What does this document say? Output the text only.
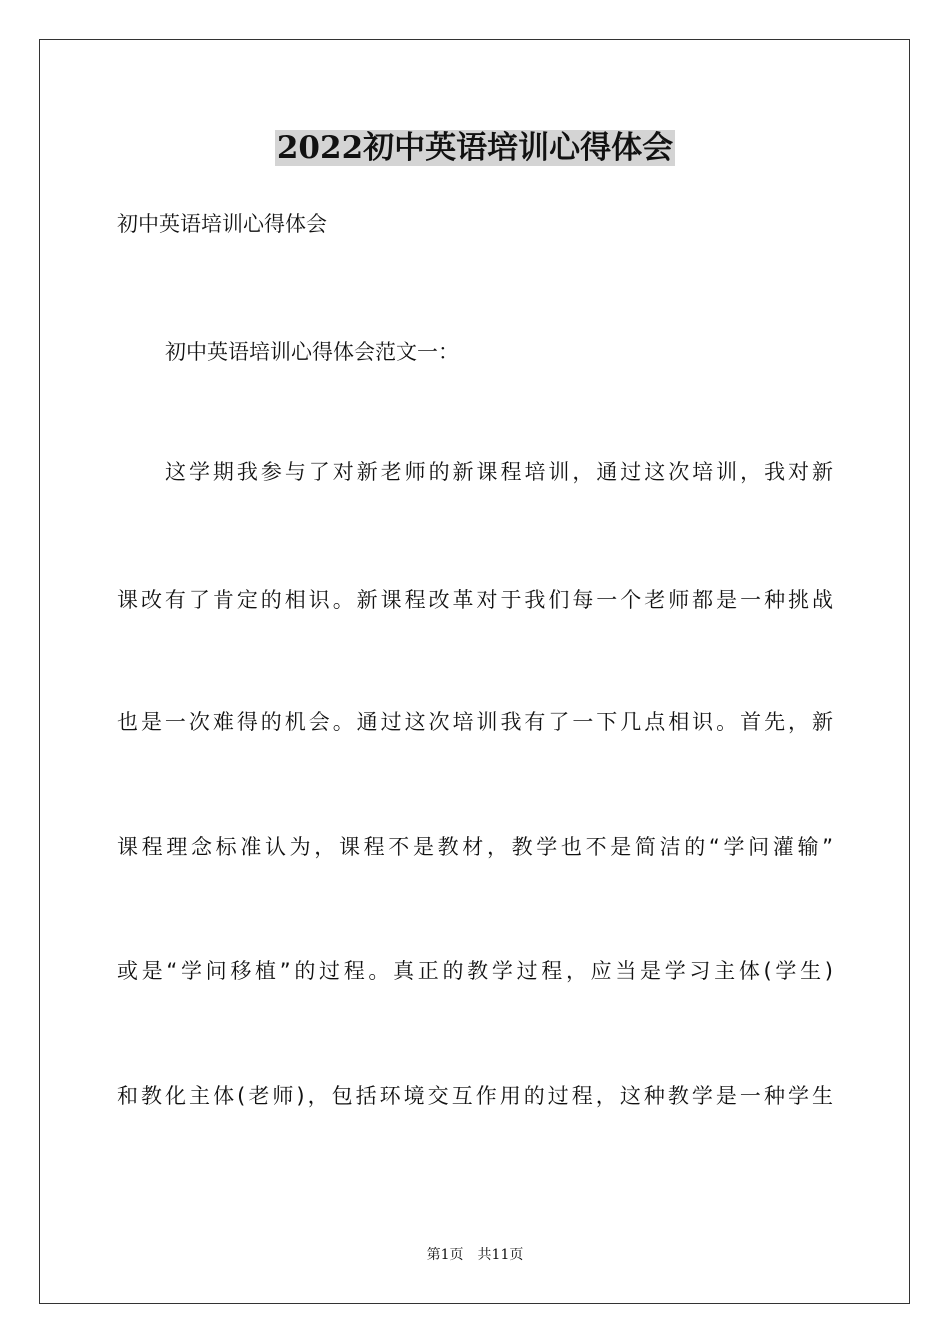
2022初中英语培训心得体会

初中英语培训心得体会

初中英语培训心得体会范文一：

这学期我参与了对新老师的新课程培训，通过这次培训，我对新

课改有了肯定的相识。新课程改革对于我们每一个老师都是一种挑战

也是一次难得的机会。通过这次培训我有了一下几点相识。首先，新

课程理念标准认为，课程不是教材，教学也不是简洁的“学问灌输”

或是“学问移植”的过程。真正的教学过程，应当是学习主体(学生)

和教化主体(老师)，包括环境交互作用的过程，这种教学是一种学生

第1页 共11页
